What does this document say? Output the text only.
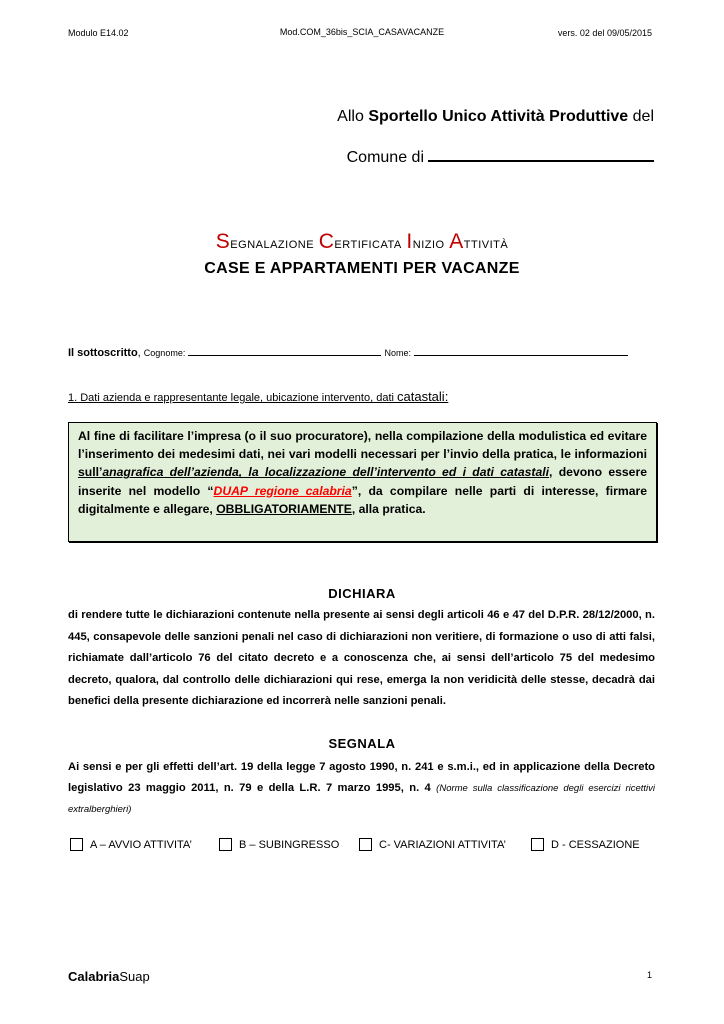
Modulo E14.02	Mod.COM_36bis_SCIA_CASAVACANZE	vers. 02 del 09/05/2015
Allo Sportello Unico Attività Produttive del
Comune di
Segnalazione Certificata Inizio Attività
CASE E APPARTAMENTI PER VACANZE
Il sottoscritto, Cognome:	Nome:
1. Dati azienda e rappresentante legale, ubicazione intervento, dati catastali:
Al fine di facilitare l’impresa (o il suo procuratore), nella compilazione della modulistica ed evitare l’inserimento dei medesimi dati, nei vari modelli necessari per l’invio della pratica, le informazioni sull’anagrafica dell’azienda, la localizzazione dell’intervento ed i dati catastali, devono essere inserite nel modello “DUAP_regione_calabria”, da compilare nelle parti di interesse, firmare digitalmente e allegare, OBBLIGATORIAMENTE, alla pratica.
DICHIARA
di rendere tutte le dichiarazioni contenute nella presente ai sensi degli articoli 46 e 47 del D.P.R. 28/12/2000, n. 445, consapevole delle sanzioni penali nel caso di dichiarazioni non veritiere, di formazione o uso di atti falsi, richiamate dall’articolo 76 del citato decreto e a conoscenza che, ai sensi dell’articolo 75 del medesimo decreto, qualora, dal controllo delle dichiarazioni qui rese, emerga la non veridicità delle stesse, decadrà dai benefici della presente dichiarazione ed incorrerà nelle sanzioni penali.
SEGNALA
Ai sensi e per gli effetti dell’art. 19 della legge 7 agosto 1990, n. 241 e s.m.i., ed in applicazione della Decreto legislativo 23 maggio 2011, n. 79 e della L.R. 7 marzo 1995, n. 4 (Norme sulla classificazione degli esercizi ricettivi extralberghieri)
A – AVVIO ATTIVITA’	B – SUBINGRESSO	C- VARIAZIONI ATTIVITA’	D - CESSAZIONE
CalabriaSuap	1
